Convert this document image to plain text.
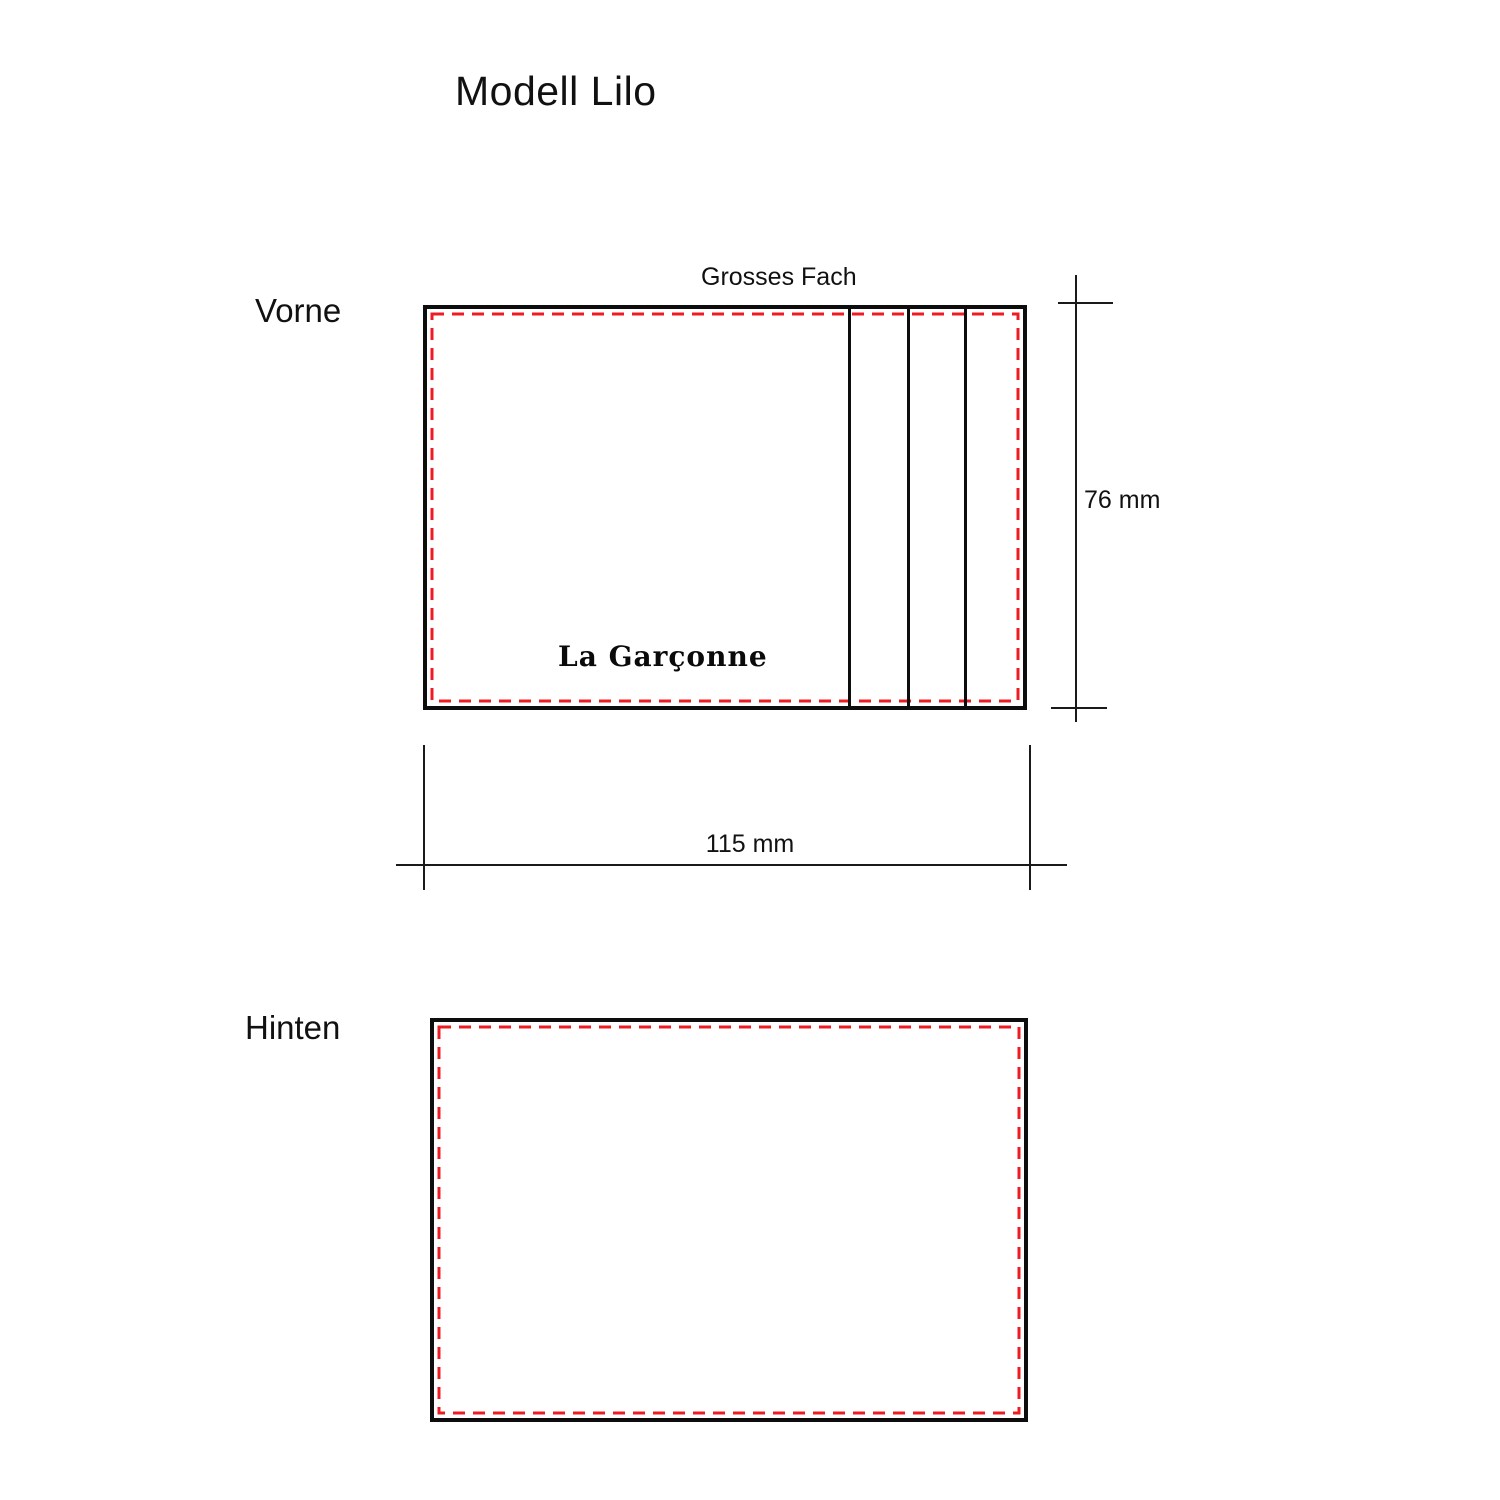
Modell Lilo
Vorne
Grosses Fach
La Garçonne
76 mm
115 mm
Hinten
